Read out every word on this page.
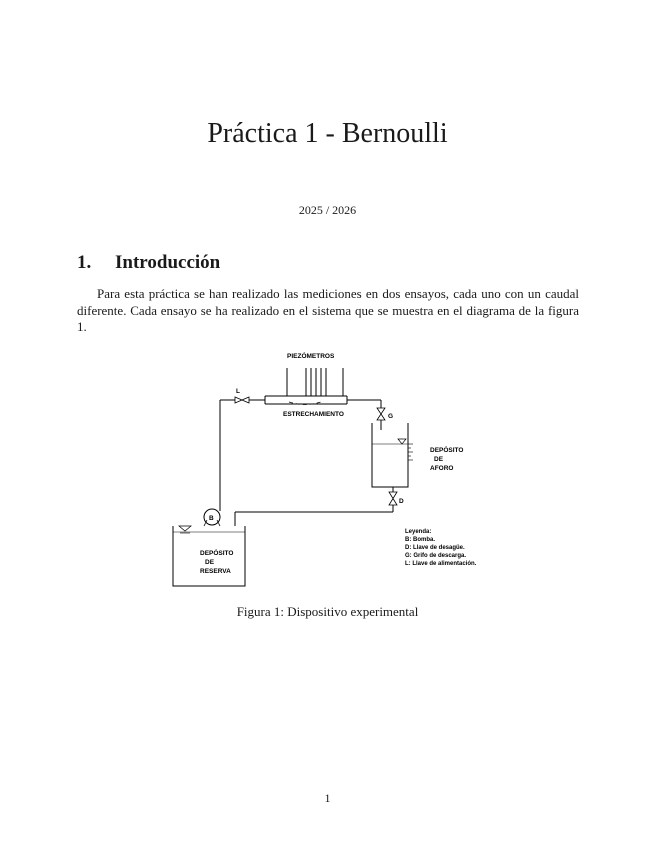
Práctica 1 - Bernoulli
2025 / 2026
1. Introducción

Para esta práctica se han realizado las mediciones en dos ensayos, cada uno con un caudal diferente. Cada ensayo se ha realizado en el sistema que se muestra en el diagrama de la figura 1.

PIEZÓMETROS
ESTRECHAMIENTO
L
G
D
B
DEPÓSITO
DE
AFORO
DEPÓSITO
DE
RESERVA
Leyenda:
B: Bomba.
D: Llave de desagüe.
G: Grifo de descarga.
L: Llave de alimentación.
Figura 1: Dispositivo experimental
1
